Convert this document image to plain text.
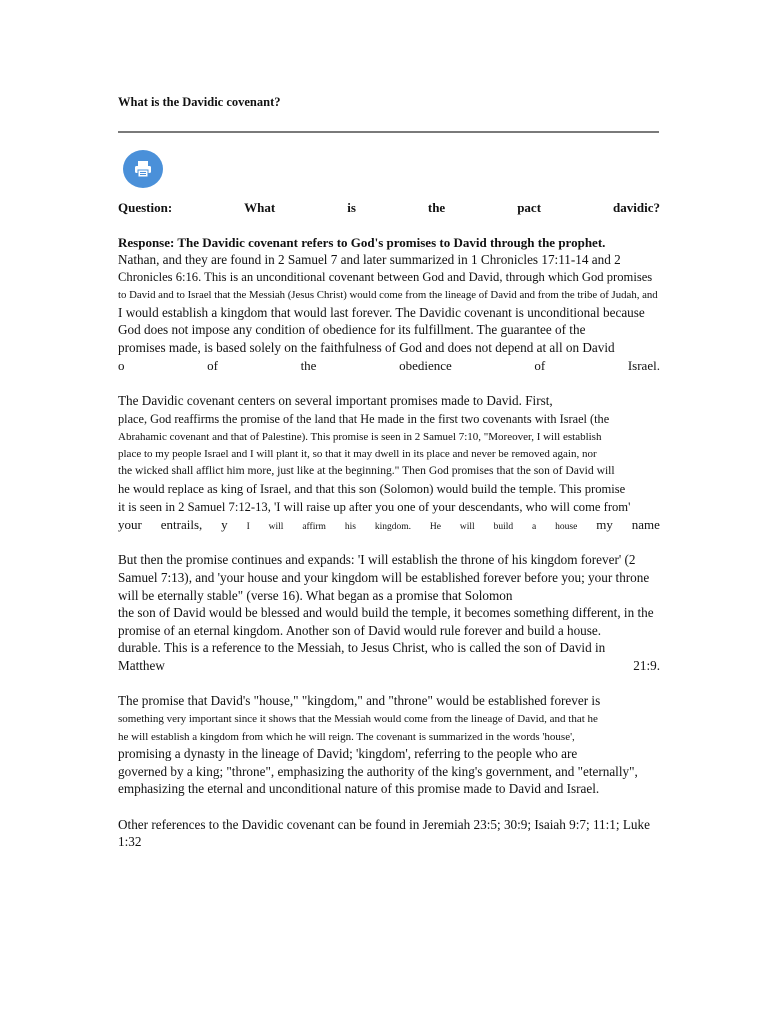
What is the Davidic covenant?
Question:	What	is	the	pact	davidic?
Response: The Davidic covenant refers to God's promises to David through the prophet.
Nathan, and they are found in 2 Samuel 7 and later summarized in 1 Chronicles 17:11-14 and 2
Chronicles 6:16. This is an unconditional covenant between God and David, through which God promises
to David and to Israel that the Messiah (Jesus Christ) would come from the lineage of David and from the tribe of Judah, and
I would establish a kingdom that would last forever. The Davidic covenant is unconditional because
God does not impose any condition of obedience for its fulfillment. The guarantee of the
promises made, is based solely on the faithfulness of God and does not depend at all on David
o	of	the	obedience	of	Israel.
The Davidic covenant centers on several important promises made to David. First,
place, God reaffirms the promise of the land that He made in the first two covenants with Israel (the
Abrahamic covenant and that of Palestine). This promise is seen in 2 Samuel 7:10, "Moreover, I will establish
place to my people Israel and I will plant it, so that it may dwell in its place and never be removed again, nor
the wicked shall afflict him more, just like at the beginning." Then God promises that the son of David will
he would replace as king of Israel, and that this son (Solomon) would build the temple. This promise
it is seen in 2 Samuel 7:12-13, 'I will raise up after you one of your descendants, who will come from'
your entrails, y I will affirm his kingdom. He will build a house my name
But then the promise continues and expands: 'I will establish the throne of his kingdom forever' (2
Samuel 7:13), and 'your house and your kingdom will be established forever before you; your throne
will be eternally stable" (verse 16). What began as a promise that Solomon
the son of David would be blessed and would build the temple, it becomes something different, in the
promise of an eternal kingdom. Another son of David would rule forever and build a house.
durable. This is a reference to the Messiah, to Jesus Christ, who is called the son of David in
Matthew	21:9.
The promise that David's "house," "kingdom," and "throne" would be established forever is
something very important since it shows that the Messiah would come from the lineage of David, and that he
he will establish a kingdom from which he will reign. The covenant is summarized in the words 'house',
promising a dynasty in the lineage of David; 'kingdom', referring to the people who are
governed by a king; "throne", emphasizing the authority of the king's government, and "eternally",
emphasizing the eternal and unconditional nature of this promise made to David and Israel.
Other references to the Davidic covenant can be found in Jeremiah 23:5; 30:9; Isaiah 9:7; 11:1; Luke
1:32
